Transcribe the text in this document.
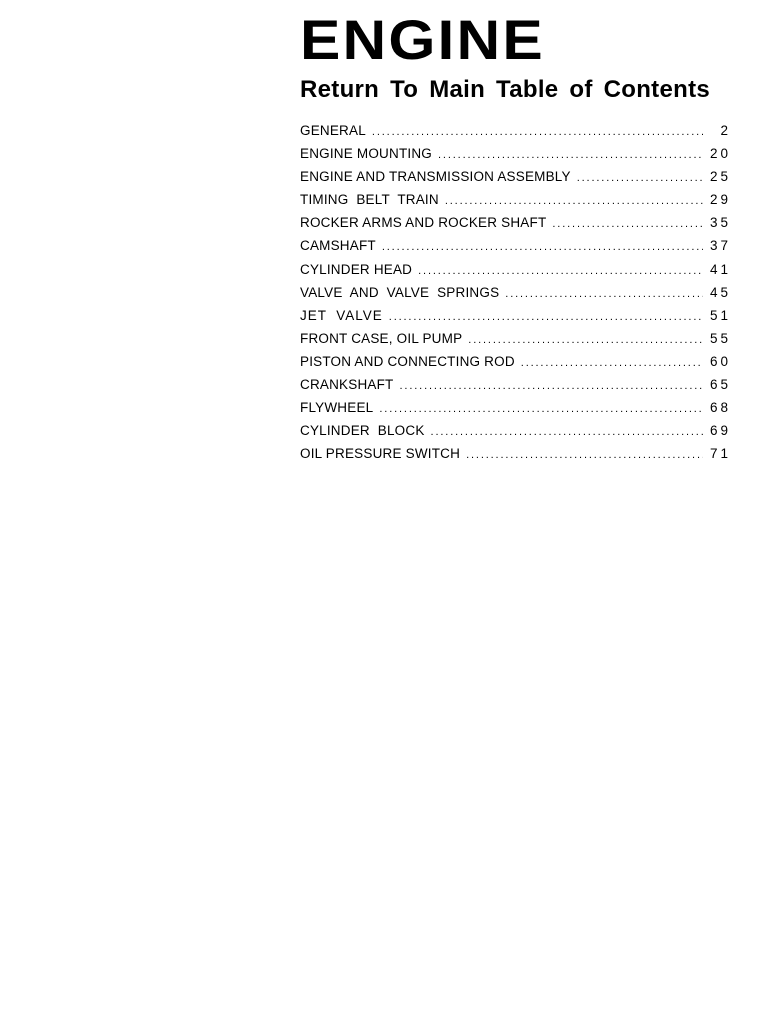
ENGINE
Return To Main Table of Contents
GENERAL . . .	2
ENGINE MOUNTING . . .	20
ENGINE AND TRANSMISSION ASSEMBLY . . .	25
TIMING  BELT  TRAIN . . .	29
ROCKER ARMS AND ROCKER SHAFT . . .	35
CAMSHAFT . . .	37
CYLINDER HEAD . . .	41
VALVE  AND  VALVE  SPRINGS . . .	45
JET  VALVE . . .	51
FRONT CASE, OIL PUMP . . .	55
PISTON AND CONNECTING ROD . . .	60
CRANKSHAFT . . .	65
FLYWHEEL . . .	68
CYLINDER  BLOCK . . .	69
OIL PRESSURE SWITCH . . .	71
